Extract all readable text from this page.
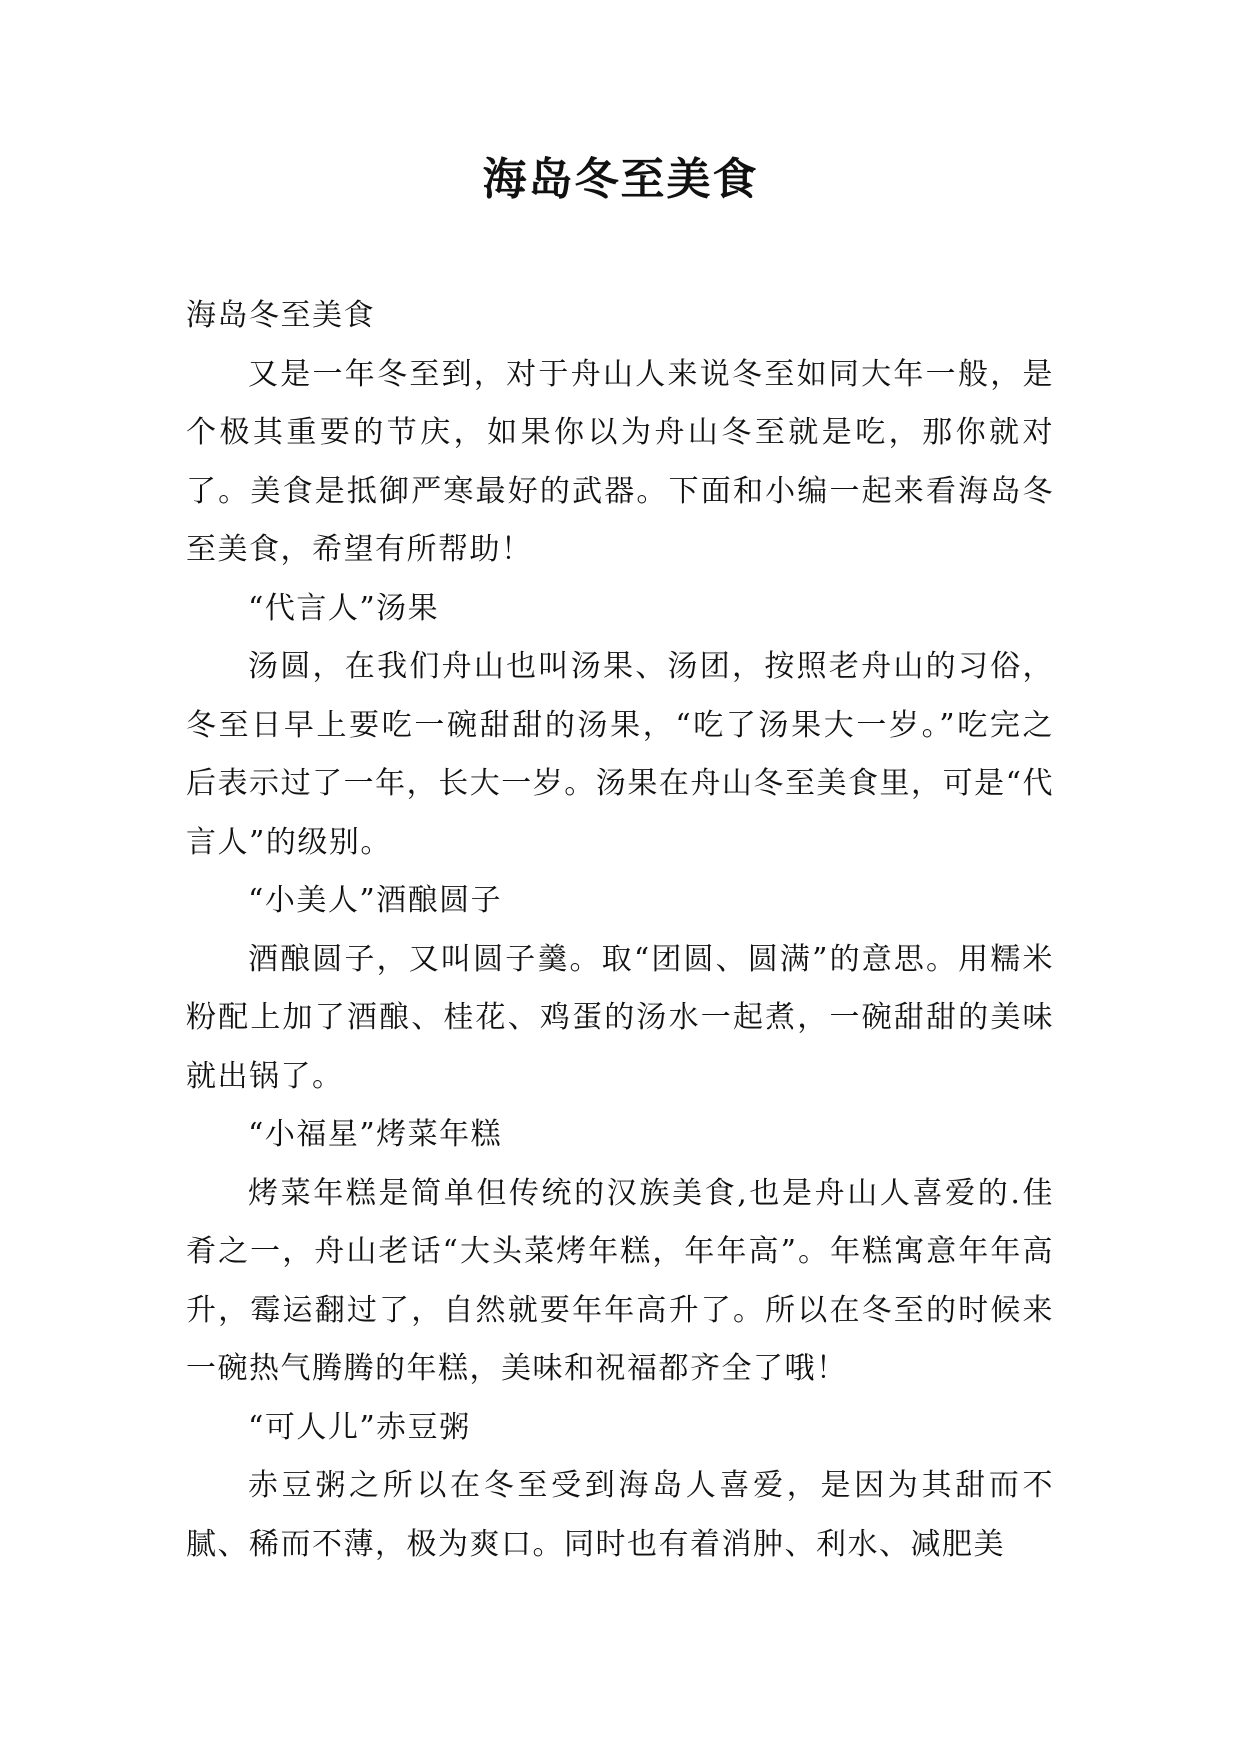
海岛冬至美食

海岛冬至美食

又是一年冬至到，对于舟山人来说冬至如同大年一般，是个极其重要的节庆，如果你以为舟山冬至就是吃，那你就对了。美食是抵御严寒最好的武器。下面和小编一起来看海岛冬至美食，希望有所帮助！

“代言人”汤果

汤圆，在我们舟山也叫汤果、汤团，按照老舟山的习俗，冬至日早上要吃一碗甜甜的汤果，“吃了汤果大一岁。”吃完之后表示过了一年，长大一岁。汤果在舟山冬至美食里，可是“代言人”的级别。

“小美人”酒酿圆子

酒酿圆子，又叫圆子羹。取“团圆、圆满”的意思。用糯米粉配上加了酒酿、桂花、鸡蛋的汤水一起煮，一碗甜甜的美味就出锅了。

“小福星”烤菜年糕

烤菜年糕是简单但传统的汉族美食,也是舟山人喜爱的.佳肴之一，舟山老话“大头菜烤年糕，年年高”。年糕寓意年年高升，霉运翻过了，自然就要年年高升了。所以在冬至的时候来一碗热气腾腾的年糕，美味和祝福都齐全了哦！

“可人儿”赤豆粥

赤豆粥之所以在冬至受到海岛人喜爱，是因为其甜而不腻、稀而不薄，极为爽口。同时也有着消肿、利水、减肥美
